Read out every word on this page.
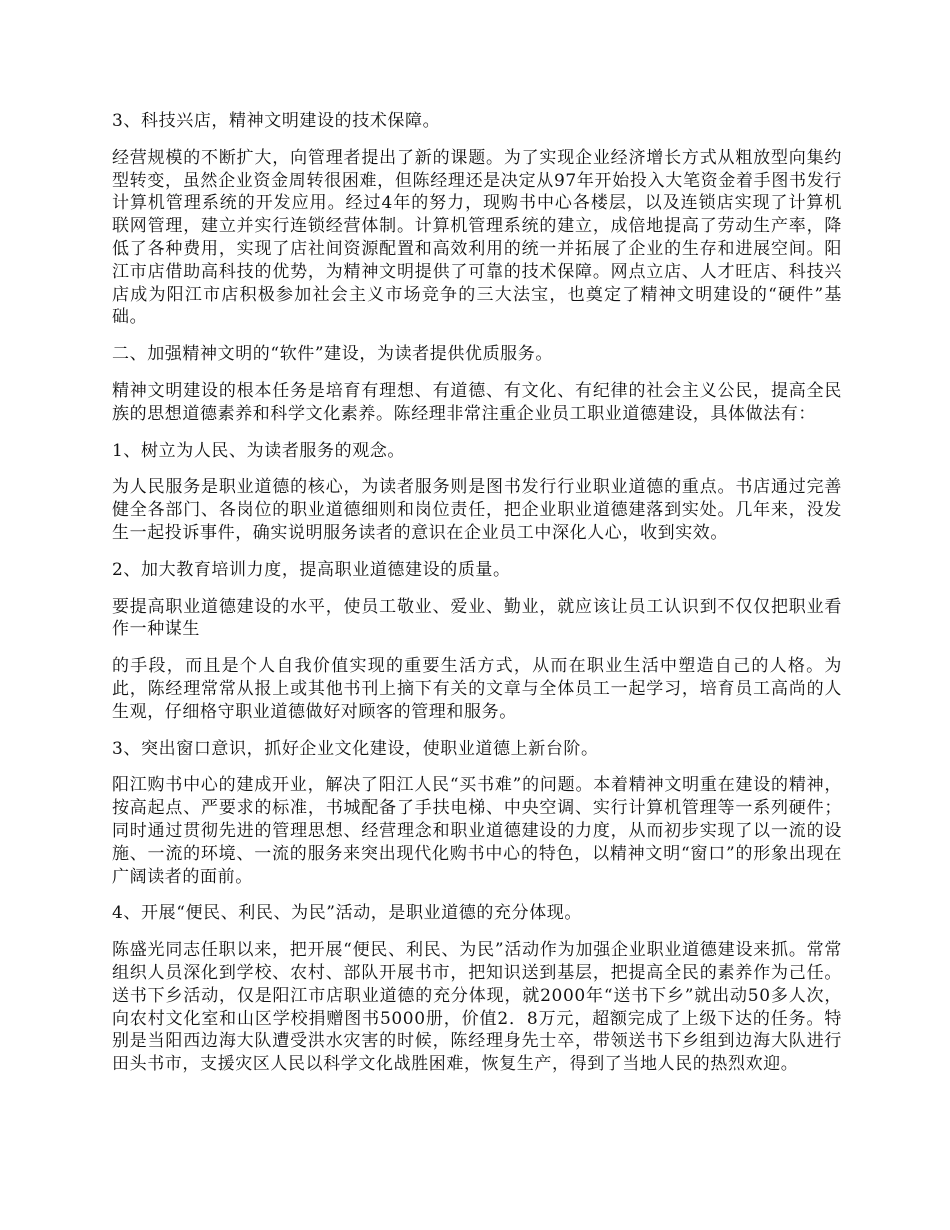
3、科技兴店，精神文明建设的技术保障。

经营规模的不断扩大，向管理者提出了新的课题。为了实现企业经济增长方式从粗放型向集约型转变，虽然企业资金周转很困难，但陈经理还是决定从97年开始投入大笔资金着手图书发行计算机管理系统的开发应用。经过4年的努力，现购书中心各楼层，以及连锁店实现了计算机联网管理，建立并实行连锁经营体制。计算机管理系统的建立，成倍地提高了劳动生产率，降低了各种费用，实现了店社间资源配置和高效利用的统一并拓展了企业的生存和进展空间。阳江市店借助高科技的优势，为精神文明提供了可靠的技术保障。网点立店、人才旺店、科技兴店成为阳江市店积极参加社会主义市场竞争的三大法宝，也奠定了精神文明建设的“硬件”基础。

二、加强精神文明的“软件”建设，为读者提供优质服务。

精神文明建设的根本任务是培育有理想、有道德、有文化、有纪律的社会主义公民，提高全民族的思想道德素养和科学文化素养。陈经理非常注重企业员工职业道德建设，具体做法有：

1、树立为人民、为读者服务的观念。

为人民服务是职业道德的核心，为读者服务则是图书发行行业职业道德的重点。书店通过完善健全各部门、各岗位的职业道德细则和岗位责任，把企业职业道德建落到实处。几年来，没发生一起投诉事件，确实说明服务读者的意识在企业员工中深化人心，收到实效。

2、加大教育培训力度，提高职业道德建设的质量。

要提高职业道德建设的水平，使员工敬业、爱业、勤业，就应该让员工认识到不仅仅把职业看作一种谋生

的手段，而且是个人自我价值实现的重要生活方式，从而在职业生活中塑造自己的人格。为此，陈经理常常从报上或其他书刊上摘下有关的文章与全体员工一起学习，培育员工高尚的人生观，仔细格守职业道德做好对顾客的管理和服务。

3、突出窗口意识，抓好企业文化建设，使职业道德上新台阶。

阳江购书中心的建成开业，解决了阳江人民“买书难”的问题。本着精神文明重在建设的精神，按高起点、严要求的标准，书城配备了手扶电梯、中央空调、实行计算机管理等一系列硬件；同时通过贯彻先进的管理思想、经营理念和职业道德建设的力度，从而初步实现了以一流的设施、一流的环境、一流的服务来突出现代化购书中心的特色，以精神文明“窗口”的形象出现在广阔读者的面前。

4、开展“便民、利民、为民”活动，是职业道德的充分体现。

陈盛光同志任职以来，把开展“便民、利民、为民”活动作为加强企业职业道德建设来抓。常常组织人员深化到学校、农村、部队开展书市，把知识送到基层，把提高全民的素养作为己任。送书下乡活动，仅是阳江市店职业道德的充分体现，就2000年“送书下乡”就出动50多人次，向农村文化室和山区学校捐赠图书5000册，价值2．8万元，超额完成了上级下达的任务。特别是当阳西边海大队遭受洪水灾害的时候，陈经理身先士卒，带领送书下乡组到边海大队进行田头书市，支援灾区人民以科学文化战胜困难，恢复生产，得到了当地人民的热烈欢迎。
